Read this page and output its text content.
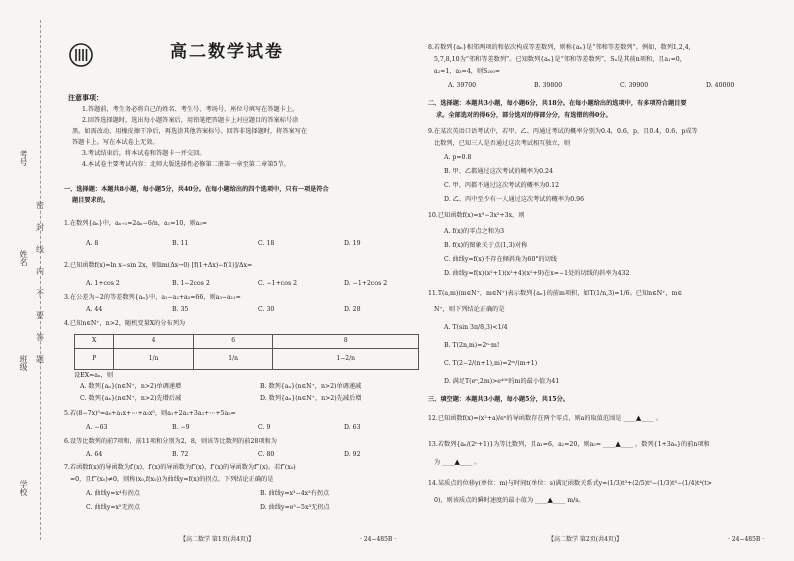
考号
姓名
班级
学校
密
封
线
内
不
要
答
题
高二数学试卷
注意事项：
1.答题前，考生务必将自己的姓名、考生号、考场号、座位号填写在答题卡上。
2.回答选择题时，选出每小题答案后，用铅笔把答题卡上对应题目的答案标号涂
黑。如需改动，用橡皮擦干净后，再选涂其他答案标号。回答非选择题时，将答案写在
答题卡上。写在本试卷上无效。
3.考试结束后，将本试卷和答题卡一并交回。
4.本试卷主要考试内容：北师大版选择性必修第二册第一章至第二章第5节。
一、选择题：本题共8小题，每小题5分，共40分。在每小题给出的四个选项中，只有一项是符合
题目要求的。
1.在数列{aₙ}中，aₙ₊₁=2aₙ−6/n，a₁=10，则a₃=
A. 8	B. 11	C. 18	D. 19
2.已知函数f(x)=ln x−sin 2x，则lim(Δx→0) [f(1+Δx)−f(1)]/Δx=
A. 1+cos 2	B. 1−2cos 2	C. −1+cos 2	D. −1+2cos 2
3.在公差为−2的等差数列{aₙ}中，a₁−a₂+a₅=66，则a₃−a₁₁=
A. 44	B. 35	C. 30	D. 28
4.已知n∈N⁺，n>2，随机变量X的分布列为
X	4	6	8
P	1/n	1/n	1−2/n
设EX=aₙ，则
A. 数列{aₙ}(n∈N⁺，n>2)单调递增	B. 数列{aₙ}(n∈N⁺，n>2)单调递减
C. 数列{aₙ}(n∈N⁺，n>2)先增后减	D. 数列{aₙ}(n∈N⁺，n>2)先减后增
5.若(8−7x)⁵=a₀+a₁x+⋯+a₅x⁵，则a₁+2a₂+3a₃+⋯+5a₅=
A. −63	B. −9	C. 9	D. 63
6.设等比数列的前7项和，前11项和分别为2，8，则该等比数列的前28项和为
A. 64	B. 72	C. 80	D. 92
7.若函数f(x)的导函数为f′(x)，f′(x)的导函数为f″(x)，f″(x)的导函数为f‴(x)。若f″(x₀)
=0，且f‴(x₀)≠0，则称(x₀,f(x₀))为曲线y=f(x)的拐点。下列结论正确的是
A. 曲线y=x⁴有拐点	B. 曲线y=x³−4x²有拐点
C. 曲线y=x⁵无拐点	D. 曲线y=e⁵−5x³无拐点
【高二数学 第1页(共4页)】	· 24−485B ·
8.若数列{aₙ}相邻两项的和依次构成等差数列，则称{aₙ}是“邻和等差数列”。例如，数列1,2,4,
5,7,8,10为“邻和等差数列”。已知数列{aₙ}是“邻和等差数列”，Sₙ是其前n项和，且a₁=0，
a₂=1，a₃=4，则S₂₀₀=
A. 39700	B. 39800	C. 39900	D. 40000
二、选择题：本题共3小题，每小题6分，共18分。在每小题给出的选项中，有多项符合题目要
求。全部选对的得6分，部分选对的得部分分，有选错的得0分。
9.在某次英语口语考试中，若甲、乙、丙通过考试的概率分别为0.4，0.6，p，且0.4，0.6，p成等
比数列，已知三人是否通过这次考试相互独立，则
A. p=0.8
B. 甲、乙都通过这次考试的概率为0.24
C. 甲、丙都不通过这次考试的概率为0.12
D. 乙、丙中至少有一人通过这次考试的概率为0.96
10.已知函数f(x)=x³−3x²+3x，则
A. f(x)的零点之和为3
B. f(x)的图象关于点(1,3)对称
C. 曲线y=f(x)不存在倾斜角为60°的切线
D. 曲线y=f(x)(x²+1)(x²+4)(x²+9)在x=−1处的切线的斜率为432
11.T(a,m)(m∈N⁺，m∈N⁺)表示数列{aₙ}的前m项积，如T(1/n,3)=1/6。已知n∈N⁺，m∈
N⁺，则下列结论正确的是
A. T(sin 3π/8,3)<1/4
B. T(2n,m)=2ⁿ·m!
C. T(2−2/(n+1),m)=2ᵐ/(m+1)
D. 满足T(eⁿ,2m)>e⁴⁰⁰的m的最小值为41
三、填空题：本题共3小题，每小题5分，共15分。
12.已知函数f(x)=(x²+a)/eˣ的导函数存在两个零点，则a的取值范围是 ____▲____ 。
13.若数列{aₙ/(2ⁿ+1)}为等比数列，且a₁=6，a₂=20，则a₅= ____▲____ ，数列{1+3aₙ}的前n项和
为 ____▲____ 。
14.某质点的位移y(单位：m)与时间t(单位：s)满足函数关系式y=(1/3)t³+(2/5)t⁵−(1/3)t³−(1/4)t⁴(t>
0)，则该质点的瞬时速度的最小值为 ____▲____ m/s。
【高二数学 第2页(共4页)】	· 24−485B ·
